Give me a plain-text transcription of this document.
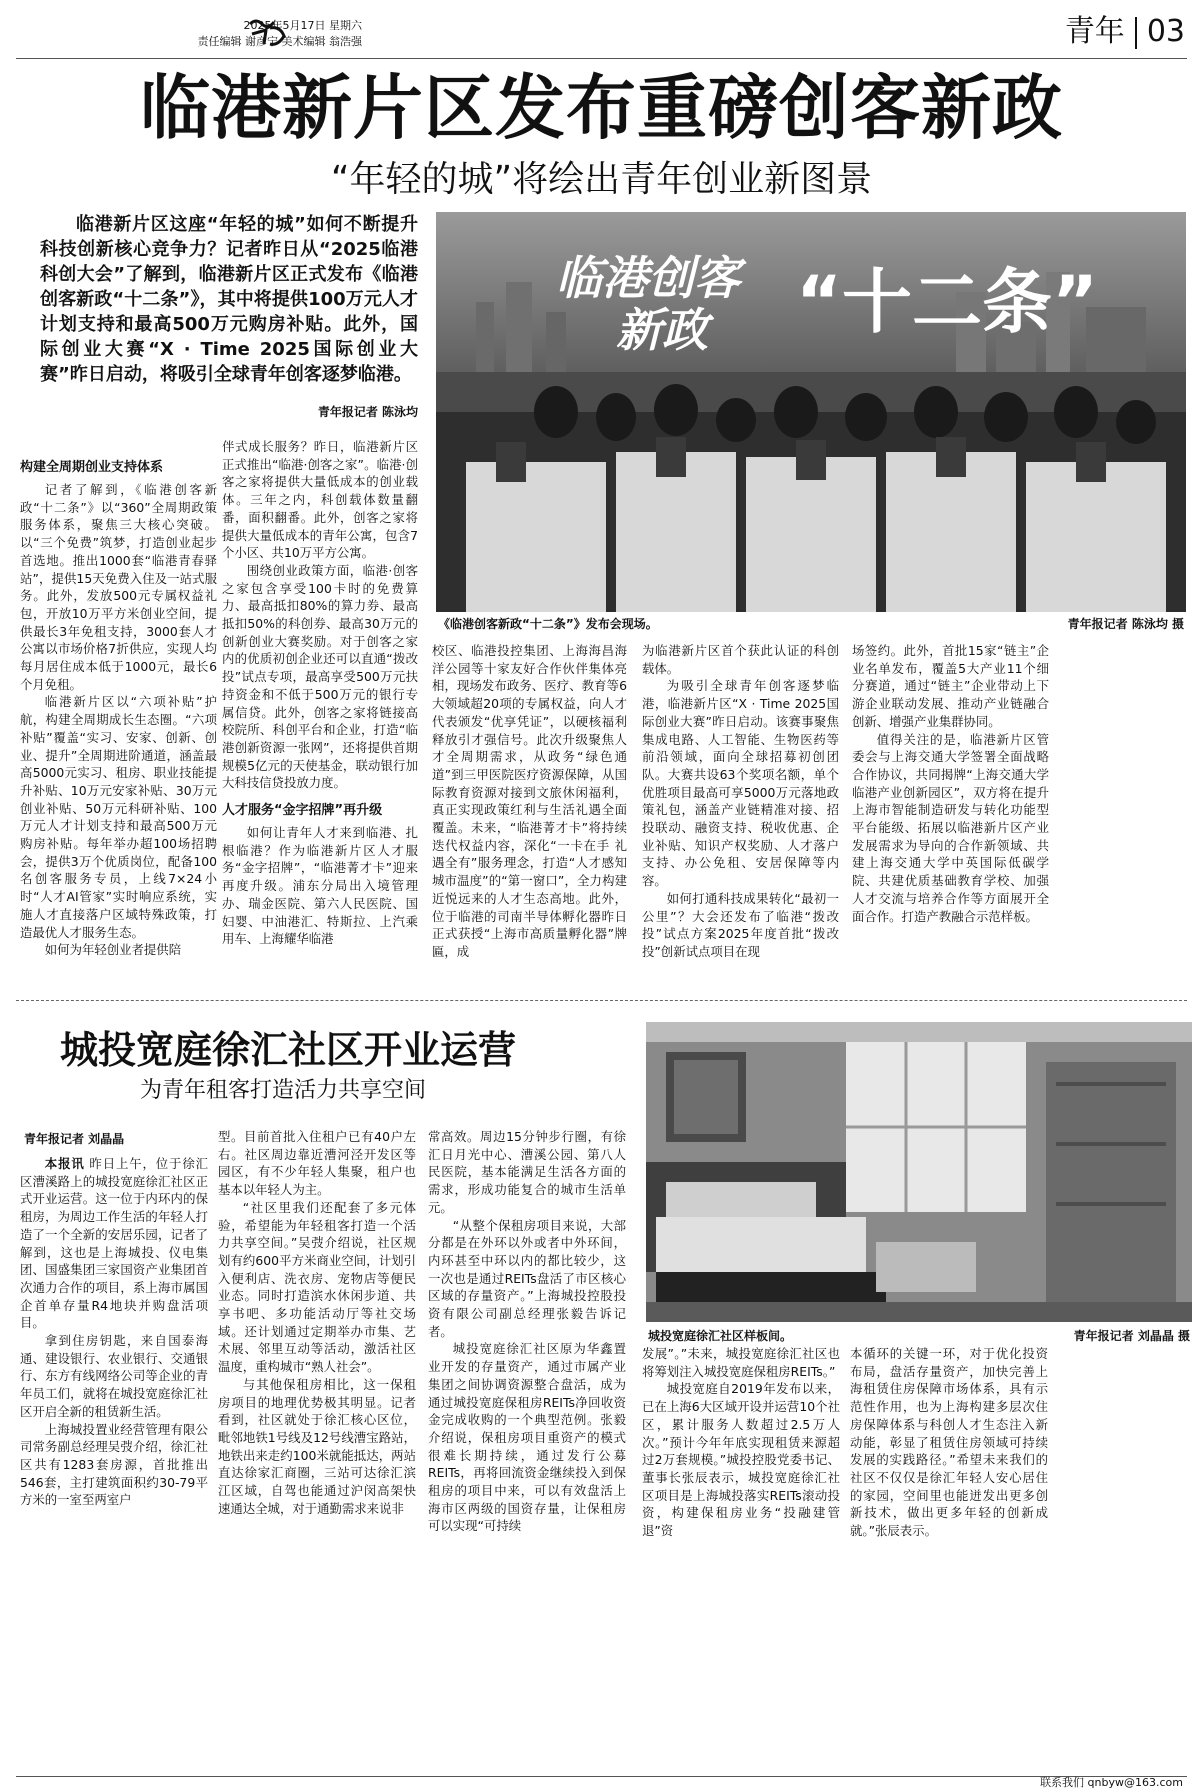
2025年5月17日 星期六
责任编辑 谢彦宁 美术编辑 翁浩强	青年 03
临港新片区发布重磅创客新政
“年轻的城”将绘出青年创业新图景
临港新片区这座“年轻的城”如何不断提升科技创新核心竞争力？记者昨日从“2025临港科创大会”了解到，临港新片区正式发布《临港创客新政“十二条”》，其中将提供100万元人才计划支持和最高500万元购房补贴。此外，国际创业大赛“X · Time 2025国际创业大赛”昨日启动，将吸引全球青年创客逐梦临港。
青年报记者 陈泳均
临港创客
新政	“十二条”
《临港创客新政“十二条”》发布会现场。	青年报记者 陈泳均 摄
构建全周期创业支持体系

记者了解到，《临港创客新政“十二条”》以“360”全周期政策服务体系，聚焦三大核心突破。以“三个免费”筑梦，打造创业起步首选地。推出1000套“临港青春驿站”，提供15天免费入住及一站式服务。此外，发放500元专属权益礼包，开放10万平方米创业空间，提供最长3年免租支持，3000套人才公寓以市场价格7折供应，实现人均每月居住成本低于1000元，最长6个月免租。

临港新片区以“六项补贴”护航，构建全周期成长生态圈。“六项补贴”覆盖“实习、安家、创新、创业、提升”全周期进阶通道，涵盖最高5000元实习、租房、职业技能提升补贴、10万元安家补贴、30万元创业补贴、50万元科研补贴、100万元人才计划支持和最高500万元购房补贴。每年举办超100场招聘会，提供3万个优质岗位，配备100名创客服务专员，上线7×24小时“人才AI管家”实时响应系统，实施人才直接落户区域特殊政策，打造最优人才服务生态。

如何为年轻创业者提供陪

伴式成长服务？昨日，临港新片区正式推出“临港·创客之家”。临港·创客之家将提供大量低成本的创业载体。三年之内，科创载体数量翻番，面积翻番。此外，创客之家将提供大量低成本的青年公寓，包含7个小区、共10万平方公寓。

围绕创业政策方面，临港·创客之家包含享受100卡时的免费算力、最高抵扣80%的算力券、最高抵扣50%的科创券、最高30万元的创新创业大赛奖励。对于创客之家内的优质初创企业还可以直通“拨改投”试点专项，最高享受500万元扶持资金和不低于500万元的银行专属信贷。此外，创客之家将链接高校院所、科创平台和企业，打造“临港创新资源一张网”，还将提供首期规模5亿元的天使基金，联动银行加大科技信贷投放力度。

人才服务“金字招牌”再升级

如何让青年人才来到临港、扎根临港？作为临港新片区人才服务“金字招牌”，“临港菁才卡”迎来再度升级。浦东分局出入境管理办、瑞金医院、第六人民医院、国妇婴、中油港汇、特斯拉、上汽乘用车、上海耀华临港

校区、临港投控集团、上海海昌海洋公园等十家友好合作伙伴集体亮相，现场发布政务、医疗、教育等6大领域超20项的专属权益，向人才代表颁发“优享凭证”，以硬核福利释放引才强信号。此次升级聚焦人才全周期需求，从政务“绿色通道”到三甲医院医疗资源保障，从国际教育资源对接到文旅休闲福利，真正实现政策红利与生活礼遇全面覆盖。未来，“临港菁才卡”将持续迭代权益内容，深化“一卡在手 礼遇全有”服务理念，打造“人才感知城市温度”的“第一窗口”，全力构建近悦远来的人才生态高地。此外，位于临港的司南半导体孵化器昨日正式获授“上海市高质量孵化器”牌匾，成

为临港新片区首个获此认证的科创载体。

为吸引全球青年创客逐梦临港，临港新片区“X · Time 2025国际创业大赛”昨日启动。该赛事聚焦集成电路、人工智能、生物医药等前沿领域，面向全球招募初创团队。大赛共设63个奖项名额，单个优胜项目最高可享5000万元落地政策礼包，涵盖产业链精准对接、招投联动、融资支持、税收优惠、企业补贴、知识产权奖励、人才落户支持、办公免租、安居保障等内容。

如何打通科技成果转化“最初一公里”？大会还发布了临港“拨改投”试点方案2025年度首批“拨改投”创新试点项目在现

场签约。此外，首批15家“链主”企业名单发布，覆盖5大产业11个细分赛道，通过“链主”企业带动上下游企业联动发展、推动产业链融合创新、增强产业集群协同。

值得关注的是，临港新片区管委会与上海交通大学签署全面战略合作协议，共同揭牌“上海交通大学临港产业创新园区”，双方将在提升上海市智能制造研发与转化功能型平台能级、拓展以临港新片区产业发展需求为导向的合作新领域、共建上海交通大学中英国际低碳学院、共建优质基础教育学校、加强人才交流与培养合作等方面展开全面合作。打造产教融合示范样板。

城投宽庭徐汇社区开业运营
为青年租客打造活力共享空间
城投宽庭徐汇社区样板间。	青年报记者 刘晶晶 摄
青年报记者 刘晶晶

本报讯 昨日上午，位于徐汇区漕溪路上的城投宽庭徐汇社区正式开业运营。这一位于内环内的保租房，为周边工作生活的年轻人打造了一个全新的安居乐园，记者了解到，这也是上海城投、仪电集团、国盛集团三家国资产业集团首次通力合作的项目，系上海市属国企首单存量R4地块并购盘活项目。

拿到住房钥匙，来自国泰海通、建设银行、农业银行、交通银行、东方有线网络公司等企业的青年员工们，就将在城投宽庭徐汇社区开启全新的租赁新生活。

上海城投置业经营管理有限公司常务副总经理吴弢介绍，徐汇社区共有1283套房源，首批推出546套，主打建筑面积约30-79平方米的一室至两室户

型。目前首批入住租户已有40户左右。社区周边靠近漕河泾开发区等园区，有不少年轻人集聚，租户也基本以年轻人为主。

“社区里我们还配套了多元体验，希望能为年轻租客打造一个活力共享空间。”吴弢介绍说，社区规划有约600平方米商业空间，计划引入便利店、洗衣房、宠物店等便民业态。同时打造滨水休闲步道、共享书吧、多功能活动厅等社交场域。还计划通过定期举办市集、艺术展、邻里互动等活动，激活社区温度，重构城市“熟人社会”。

与其他保租房相比，这一保租房项目的地理优势极其明显。记者看到，社区就处于徐汇核心区位，毗邻地铁1号线及12号线漕宝路站，地铁出来走约100米就能抵达，两站直达徐家汇商圈，三站可达徐汇滨江区域，自驾也能通过沪闵高架快速通达全城，对于通勤需求来说非

常高效。周边15分钟步行圈，有徐汇日月光中心、漕溪公园、第八人民医院，基本能满足生活各方面的需求，形成功能复合的城市生活单元。

“从整个保租房项目来说，大部分都是在外环以外或者中外环间，内环甚至中环以内的都比较少，这一次也是通过REITs盘活了市区核心区域的存量资产。”上海城投控股投资有限公司副总经理张毅告诉记者。

城投宽庭徐汇社区原为华鑫置业开发的存量资产，通过市属产业集团之间协调资源整合盘活，成为通过城投宽庭保租房REITs净回收资金完成收购的一个典型范例。张毅介绍说，保租房项目重资产的模式很难长期持续，通过发行公募REITs，再将回流资金继续投入到保租房的项目中来，可以有效盘活上海市区两级的国资存量，让保租房可以实现“可持续

发展”。”未来，城投宽庭徐汇社区也将筹划注入城投宽庭保租房REITs。”

城投宽庭自2019年发布以来，已在上海6大区域开设并运营10个社区，累计服务人数超过2.5万人次。”预计今年年底实现租赁来源超过2万套规模。”城投控股党委书记、董事长张辰表示，城投宽庭徐汇社区项目是上海城投落实REITs滚动投资，构建保租房业务“投融建管退”资

本循环的关键一环，对于优化投资布局，盘活存量资产，加快完善上海租赁住房保障市场体系，具有示范性作用，也为上海构建多层次住房保障体系与科创人才生态注入新动能，彰显了租赁住房领域可持续发展的实践路径。”希望未来我们的社区不仅仅是徐汇年轻人安心居住的家园，空间里也能迸发出更多创新技术，做出更多年轻的创新成就。”张辰表示。

联系我们 qnbyw@163.com
